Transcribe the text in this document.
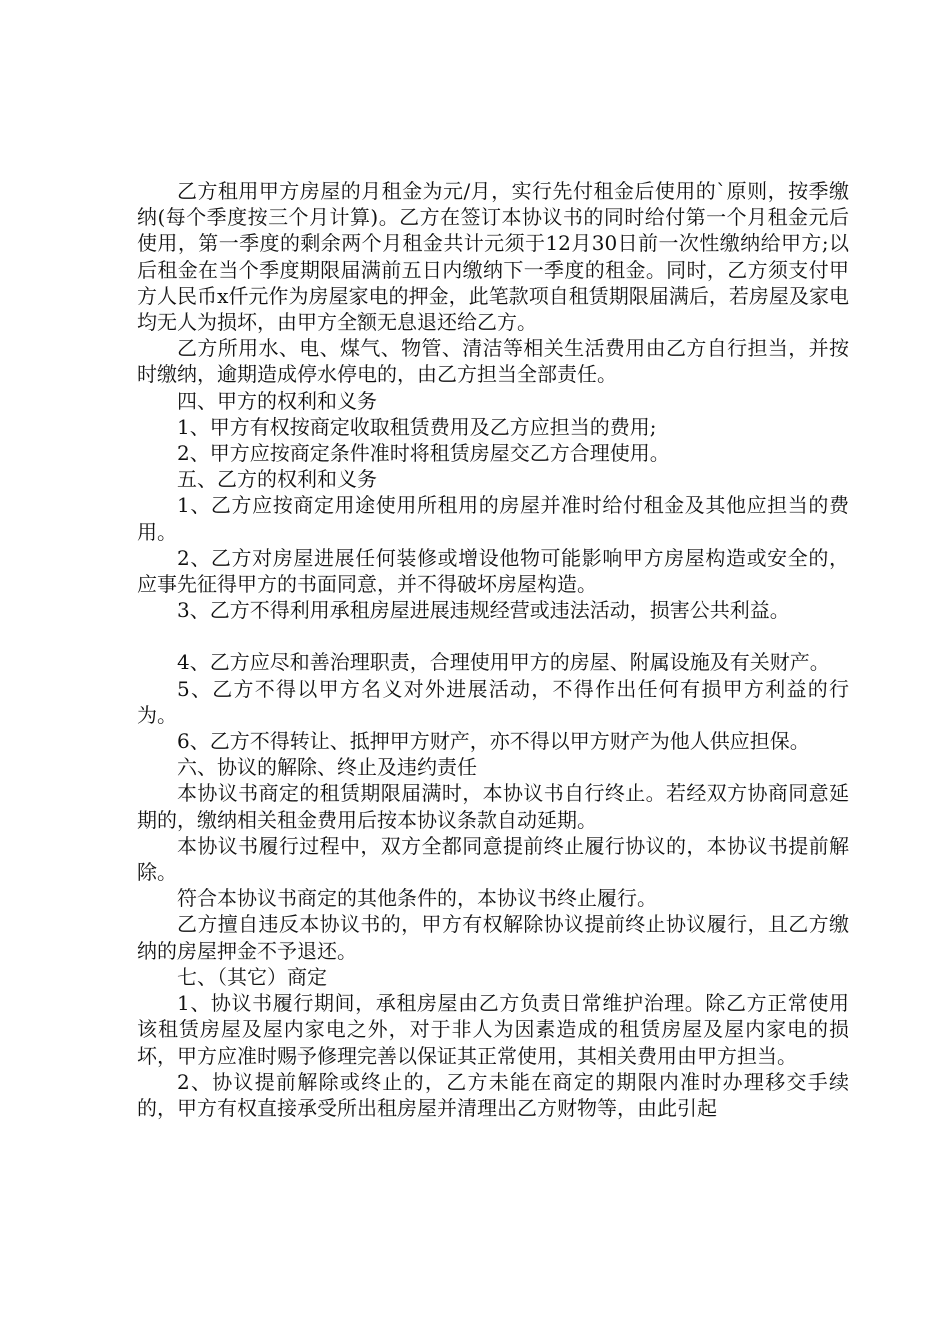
乙方租用甲方房屋的月租金为元/月，实行先付租金后使用的`原则，按季缴纳(每个季度按三个月计算)。乙方在签订本协议书的同时给付第一个月租金元后使用，第一季度的剩余两个月租金共计元须于12月30日前一次性缴纳给甲方;以后租金在当个季度期限届满前五日内缴纳下一季度的租金。同时，乙方须支付甲方人民币x仟元作为房屋家电的押金，此笔款项自租赁期限届满后，若房屋及家电均无人为损坏，由甲方全额无息退还给乙方。

乙方所用水、电、煤气、物管、清洁等相关生活费用由乙方自行担当，并按时缴纳，逾期造成停水停电的，由乙方担当全部责任。

四、甲方的权利和义务

1、甲方有权按商定收取租赁费用及乙方应担当的费用;

2、甲方应按商定条件准时将租赁房屋交乙方合理使用。

五、乙方的权利和义务

1、乙方应按商定用途使用所租用的房屋并准时给付租金及其他应担当的费用。

2、乙方对房屋进展任何装修或增设他物可能影响甲方房屋构造或安全的，应事先征得甲方的书面同意，并不得破坏房屋构造。

3、乙方不得利用承租房屋进展违规经营或违法活动，损害公共利益。

4、乙方应尽和善治理职责，合理使用甲方的房屋、附属设施及有关财产。

5、乙方不得以甲方名义对外进展活动，不得作出任何有损甲方利益的行为。

6、乙方不得转让、抵押甲方财产，亦不得以甲方财产为他人供应担保。

六、协议的解除、终止及违约责任

本协议书商定的租赁期限届满时，本协议书自行终止。若经双方协商同意延期的，缴纳相关租金费用后按本协议条款自动延期。

本协议书履行过程中，双方全都同意提前终止履行协议的，本协议书提前解除。

符合本协议书商定的其他条件的，本协议书终止履行。

乙方擅自违反本协议书的，甲方有权解除协议提前终止协议履行，且乙方缴纳的房屋押金不予退还。

七、（其它）商定

1、协议书履行期间，承租房屋由乙方负责日常维护治理。除乙方正常使用该租赁房屋及屋内家电之外，对于非人为因素造成的租赁房屋及屋内家电的损坏，甲方应准时赐予修理完善以保证其正常使用，其相关费用由甲方担当。

2、协议提前解除或终止的，乙方未能在商定的期限内准时办理移交手续的，甲方有权直接承受所出租房屋并清理出乙方财物等，由此引起
